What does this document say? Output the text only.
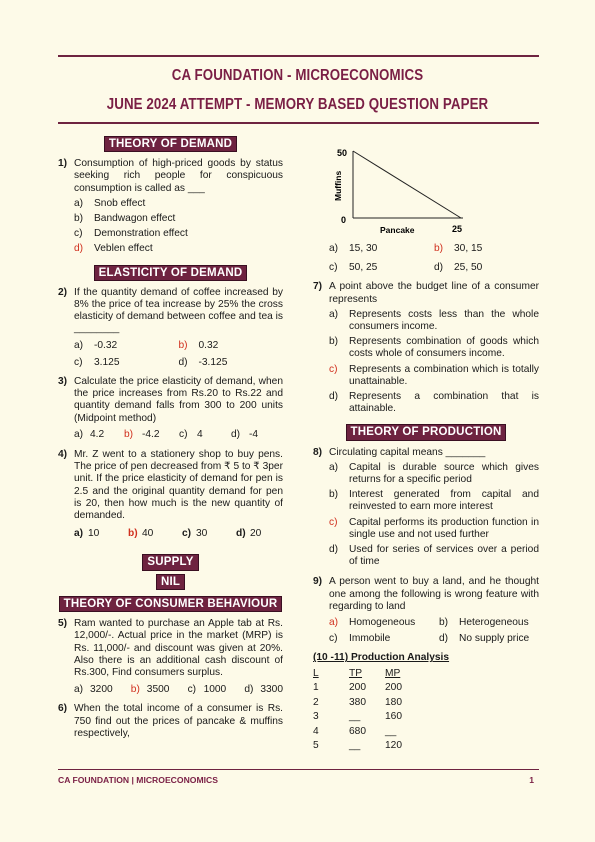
CA FOUNDATION - MICROECONOMICS
JUNE 2024 ATTEMPT - MEMORY BASED QUESTION PAPER
THEORY OF DEMAND
1) Consumption of high-priced goods by status seeking rich people for conspicuous consumption is called as ___
a)	Snob effect
b)	Bandwagon effect
c)	Demonstration effect
d)	Veblen effect
ELASTICITY OF DEMAND
2) If the quantity demand of coffee increased by 8% the price of tea increase by 25% the cross elasticity of demand between coffee and tea is ________
a)	-0.32	b)	0.32
c)	3.125	d)	-3.125
3) Calculate the price elasticity of demand, when the price increases from Rs.20 to Rs.22 and quantity demand falls from 300 to 200 units (Midpoint method)
a) 4.2 b) -4.2 c) 4	d) -4
4) Mr. Z went to a stationery shop to buy pens. The price of pen decreased from ₹ 5 to ₹ 3per unit. If the price elasticity of demand for pen is 2.5 and the original quantity demand for pen is 20, then how much is the new quantity of demanded.
a) 10	b) 40	c) 30	d) 20
SUPPLY
NIL
THEORY OF CONSUMER BEHAVIOUR
5) Ram wanted to purchase an Apple tab at Rs. 12,000/-. Actual price in the market (MRP) is Rs. 11,000/- and discount was given at 20%. Also there is an additional cash discount of Rs.300, Find consumers surplus.
a) 3200 b) 3500 c) 1000 d) 3300
6) When the total income of a consumer is Rs. 750 find out the prices of pancake & muffins respectively,
50
0
Muffins
Pancake	25
a)	15, 30	b)	30, 15
c)	50, 25	d)	25, 50
7) A point above the budget line of a consumer represents
a)	Represents costs less than the whole consumers income.
b)	Represents combination of goods which costs whole of consumers income.
c)	Represents a combination which is totally unattainable.
d)	Represents a combination that is attainable.
THEORY OF PRODUCTION
8) Circulating capital means _______
a)	Capital is durable source which gives returns for a specific period
b)	Interest generated from capital and reinvested to earn more interest
c)	Capital performs its production function in single use and not used further
d)	Used for series of services over a period of time
9) A person went to buy a land, and he thought one among the following is wrong feature with regarding to land
a)	Homogeneous b)	Heterogeneous
c)	Immobile	d)	No supply price
(10 -11) Production Analysis
L	TP	MP
1	200	200
2	380	180
3	__	160
4	680	__
5	__	120
CA FOUNDATION | MICROECONOMICS	1
